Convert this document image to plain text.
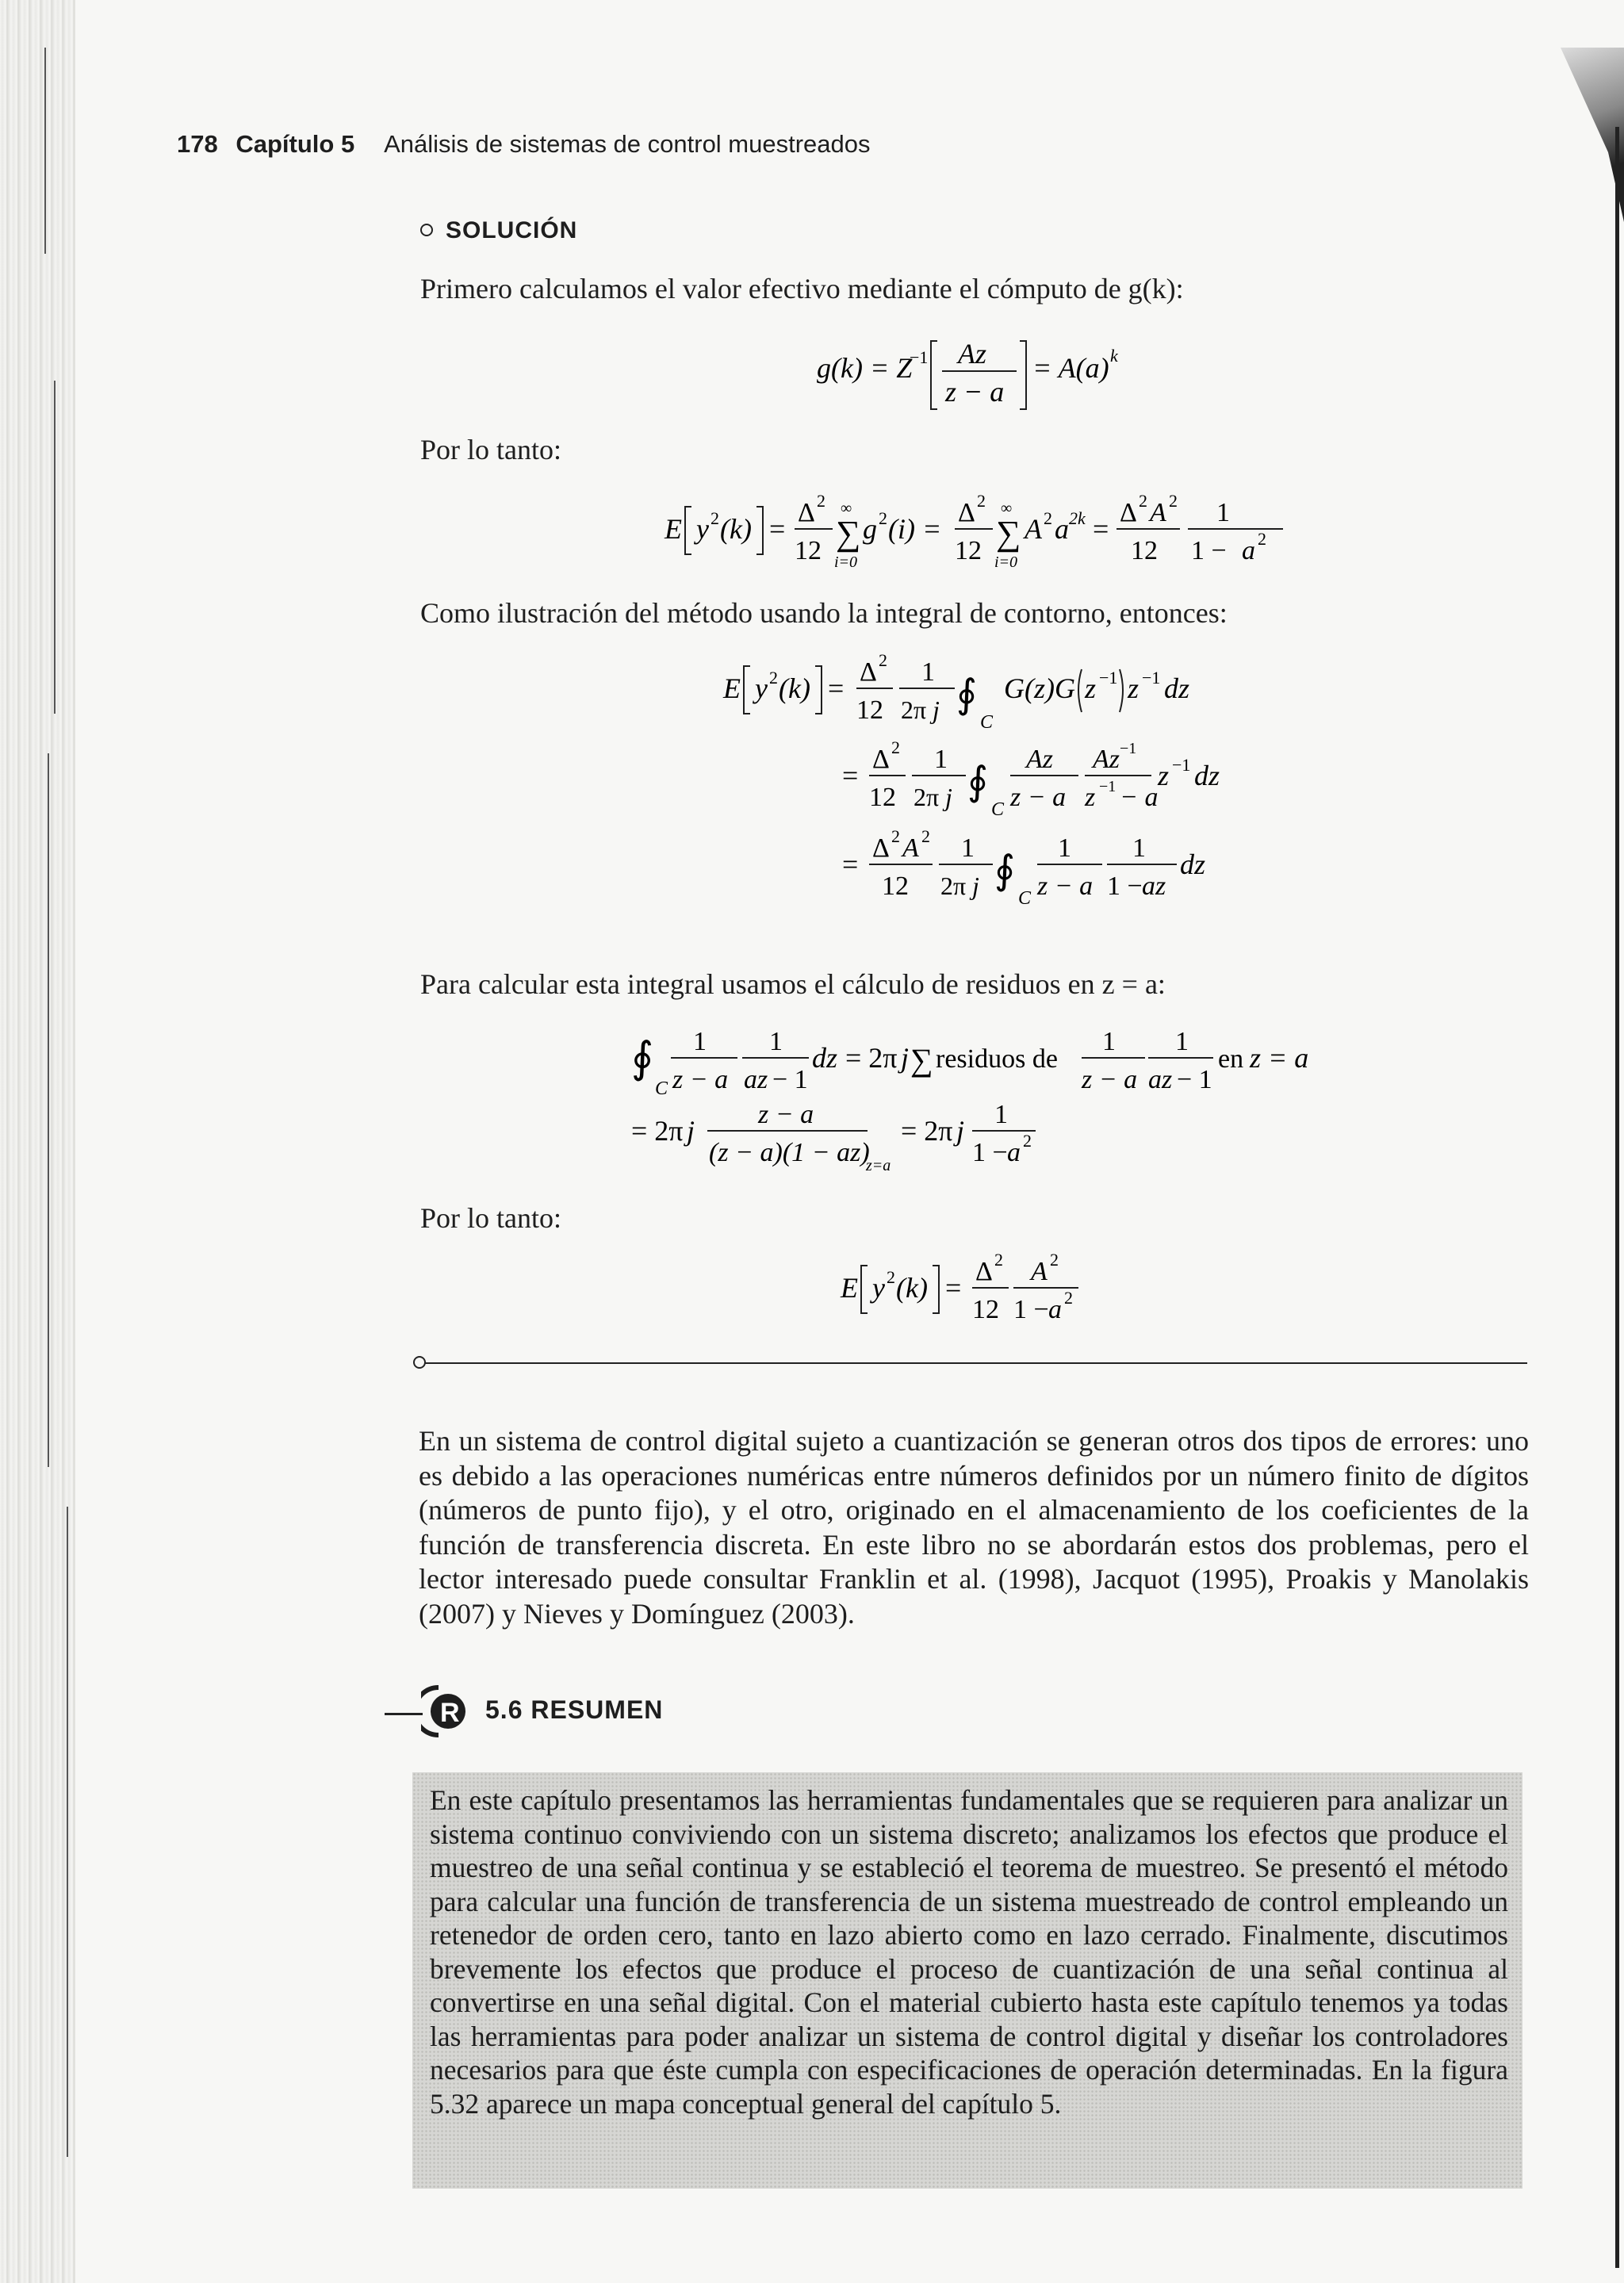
178 Capítulo 5 Análisis de sistemas de control muestreados
SOLUCIÓN
Primero calculamos el valor efectivo mediante el cómputo de g(k):
g(k) = Z
−1 Az
z − a
= A(a) k
Por lo tanto:
E y 2 (k) =
Δ 2
12 ∑
∞
i=0
g 2 (i) =
Δ 2
12 ∑
∞
i=0
A 2 a 2k =
Δ 2 A 2
12
1
1 − a 2
Como ilustración del método usando la integral de contorno, entonces:
E y 2 (k) =
Δ 2
12
1
2π j ∮
C
G(z)G z −1 z −1 dz
=
Δ 2
12
1
2π j ∮
C
Az
z − a
Az −1
z −1 − a
z −1 dz
=
Δ 2 A 2
12
1
2π j ∮
C
1
z − a
1
1 − az
dz
Para calcular esta integral usamos el cálculo de residuos en z = a:
∮
C
1
z − a
1
az − 1
dz = 2π j ∑ residuos de
1
z − a
1
az − 1
en z = a
= 2π j
z − a
(z − a)(1 − az)
z=a
= 2π j
1
1 − a 2
Por lo tanto:
E y 2 (k) =
Δ 2
12
A 2
1 − a 2
En un sistema de control digital sujeto a cuantización se generan otros dos tipos de errores: uno es debido a las operaciones numéricas entre números definidos por un número finito de dígitos (números de punto fijo), y el otro, originado en el almacenamiento de los coeficientes de la función de transferencia discreta. En este libro no se abordarán estos dos problemas, pero el lector interesado puede consultar Franklin et al. (1998), Jacquot (1995), Proakis y Manolakis (2007) y Nieves y Domínguez (2003).
R 5.6 RESUMEN

En este capítulo presentamos las herramientas fundamentales que se requieren para analizar un sistema continuo conviviendo con un sistema discreto; analizamos los efectos que produce el muestreo de una señal continua y se estableció el teorema de muestreo. Se presentó el método para calcular una función de transferencia de un sistema muestreado de control empleando un retenedor de orden cero, tanto en lazo abierto como en lazo cerrado. Finalmente, discutimos brevemente los efectos que produce el proceso de cuantización de una señal continua al convertirse en una señal digital. Con el material cubierto hasta este capítulo tenemos ya todas las herramientas para poder analizar un sistema de control digital y diseñar los controladores necesarios para que éste cumpla con especificaciones de operación determinadas. En la figura 5.32 aparece un mapa conceptual general del capítulo 5.
